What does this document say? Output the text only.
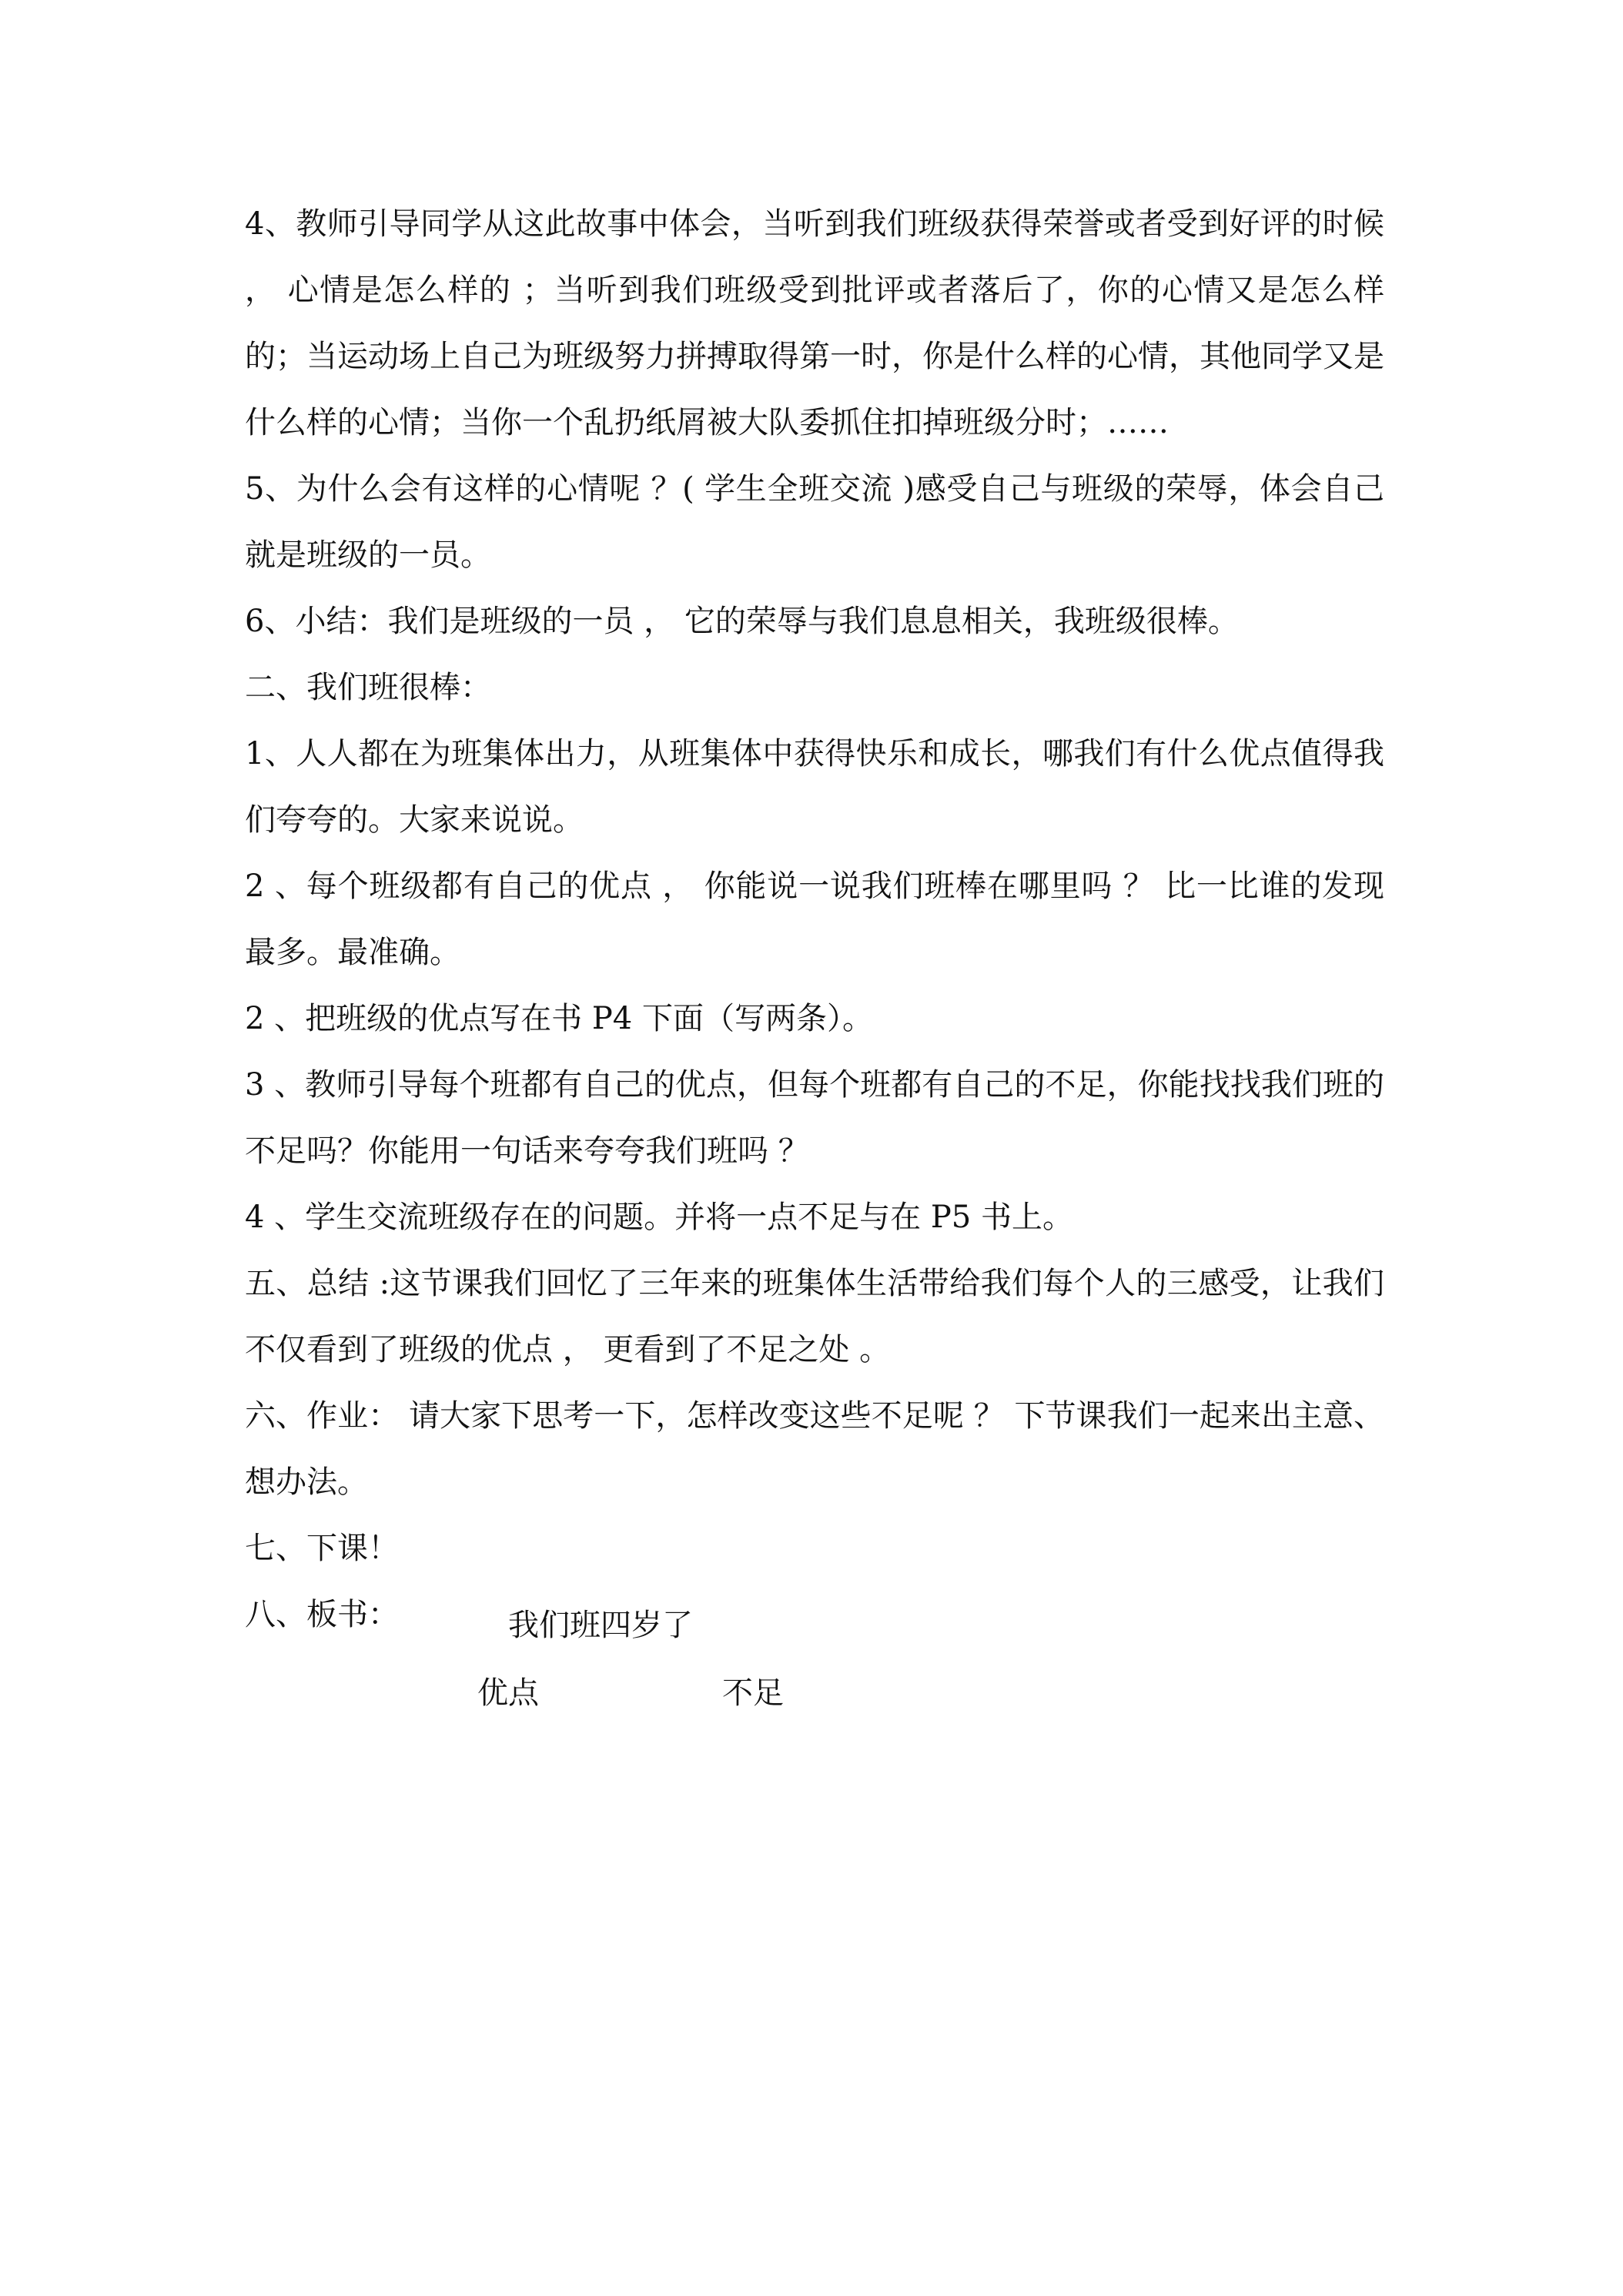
4、教师引导同学从这此故事中体会，当听到我们班级获得荣誉或者受到好评的时候 ， 心情是怎么样的 ；当听到我们班级受到批评或者落后了，你的心情又是怎么样的；当运动场上自己为班级努力拼搏取得第一时，你是什么样的心情，其他同学又是什么样的心情；当你一个乱扔纸屑被大队委抓住扣掉班级分时；……

5、为什么会有这样的心情呢 ？( 学生全班交流 )感受自己与班级的荣辱，体会自己就是班级的一员。

6、小结：我们是班级的一员 ， 它的荣辱与我们息息相关，我班级很棒。

二、我们班很棒：

1、人人都在为班集体出力，从班集体中获得快乐和成长，哪我们有什么优点值得我们夸夸的。大家来说说。

2 、每个班级都有自己的优点 ， 你能说一说我们班棒在哪里吗 ？ 比一比谁的发现最多。最准确。

2 、把班级的优点写在书 P4 下面（写两条）。

3 、教师引导每个班都有自己的优点，但每个班都有自己的不足，你能找找我们班的不足吗？你能用一句话来夸夸我们班吗 ？

4 、学生交流班级存在的问题。并将一点不足与在 P5 书上。

五、总结 :这节课我们回忆了三年来的班集体生活带给我们每个人的三感受，让我们不仅看到了班级的优点 ， 更看到了不足之处 。

六、作业： 请大家下思考一下，怎样改变这些不足呢 ？ 下节课我们一起来出主意、想办法。

七、下课！

八、板书：	我们班四岁了
优点	不足
